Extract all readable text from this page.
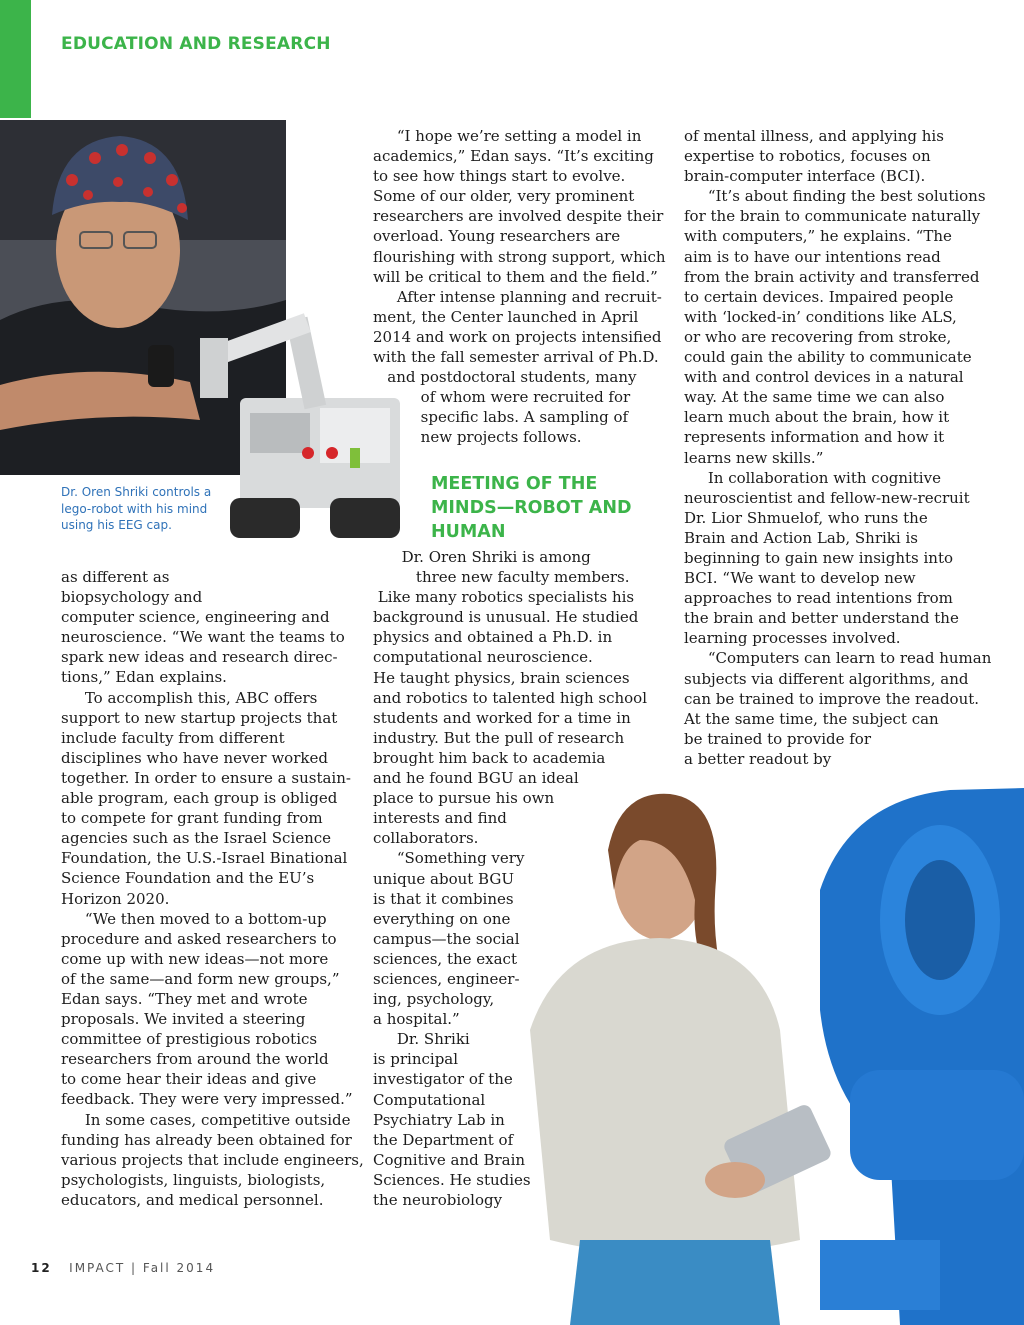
EDUCATION AND RESEARCH

Dr. Oren Shriki controls a lego-robot with his mind using his EEG cap.

as different as

biopsychology and

computer science, engineering and

neuroscience. “We want the teams to

spark new ideas and research direc-

tions,” Edan explains.

To accomplish this, ABC offers

support to new startup projects that

include faculty from different

disciplines who have never worked

together. In order to ensure a sustain-

able program, each group is obliged

to compete for grant funding from

agencies such as the Israel Science

Foundation, the U.S.-Israel Binational

Science Foundation and the EU’s

Horizon 2020.

“We then moved to a bottom-up

procedure and asked researchers to

come up with new ideas—not more

of the same—and form new groups,”

Edan says. “They met and wrote

proposals. We invited a steering

committee of prestigious robotics

researchers from around the world

to come hear their ideas and give

feedback. They were very impressed.”

In some cases, competitive outside

funding has already been obtained for

various projects that include engineers,

psychologists, linguists, biologists,

educators, and medical personnel.

“I hope we’re setting a model in

academics,” Edan says. “It’s exciting

to see how things start to evolve.

Some of our older, very prominent

researchers are involved despite their

overload. Young researchers are

flourishing with strong support, which

will be critical to them and the field.”

After intense planning and recruit-

ment, the Center launched in April

2014 and work on projects intensified

with the fall semester arrival of Ph.D.

and postdoctoral students, many

of whom were recruited for

specific labs. A sampling of

new projects follows.

MEETING OF THE
MINDS—ROBOT AND
HUMAN

Dr. Oren Shriki is among

three new faculty members.

Like many robotics specialists his

background is unusual. He studied

physics and obtained a Ph.D. in

computational neuroscience.

He taught physics, brain sciences

and robotics to talented high school

students and worked for a time in

industry. But the pull of research

brought him back to academia

and he found BGU an ideal

place to pursue his own

interests and find

collaborators.

“Something very

unique about BGU

is that it combines

everything on one

campus—the social

sciences, the exact

sciences, engineer-

ing, psychology,

a hospital.”

Dr. Shriki

is principal

investigator of the

Computational

Psychiatry Lab in

the Department of

Cognitive and Brain

Sciences. He studies

the neurobiology

of mental illness, and applying his

expertise to robotics, focuses on

brain-computer interface (BCI).

“It’s about finding the best solutions

for the brain to communicate naturally

with computers,” he explains. “The

aim is to have our intentions read

from the brain activity and transferred

to certain devices. Impaired people

with ‘locked-in’ conditions like ALS,

or who are recovering from stroke,

could gain the ability to communicate

with and control devices in a natural

way. At the same time we can also

learn much about the brain, how it

represents information and how it

learns new skills.”

In collaboration with cognitive

neuroscientist and fellow-new-recruit

Dr. Lior Shmuelof, who runs the

Brain and Action Lab, Shriki is

beginning to gain new insights into

BCI. “We want to develop new

approaches to read intentions from

the brain and better understand the

learning processes involved.

“Computers can learn to read human

subjects via different algorithms, and

can be trained to improve the readout.

At the same time, the subject can

be trained to provide for

a better readout by

12 IMPACT | Fall 2014
